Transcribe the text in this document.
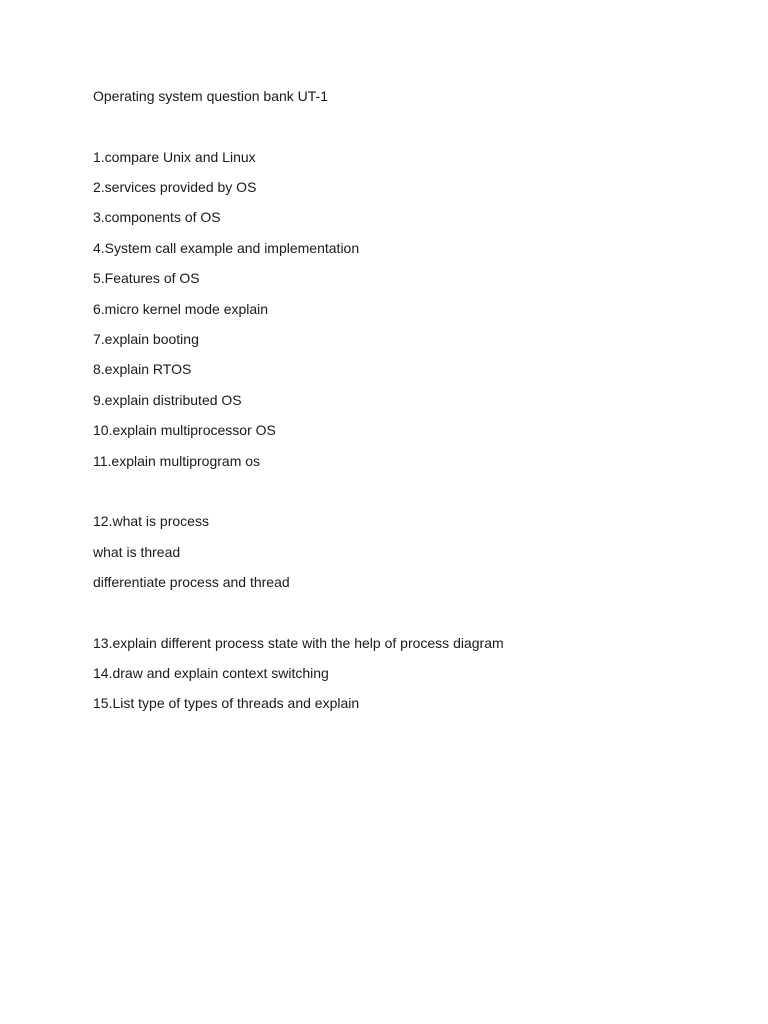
Operating system question bank UT-1
1.compare Unix and Linux
2.services provided by OS
3.components of OS
4.System call example and implementation
5.Features of OS
6.micro kernel mode explain
7.explain booting
8.explain RTOS
9.explain distributed OS
10.explain multiprocessor OS
11.explain multiprogram os
12.what is process
what is thread
differentiate process and thread
13.explain different process state with the help of process diagram
14.draw and explain context switching
15.List type of types of threads and explain
